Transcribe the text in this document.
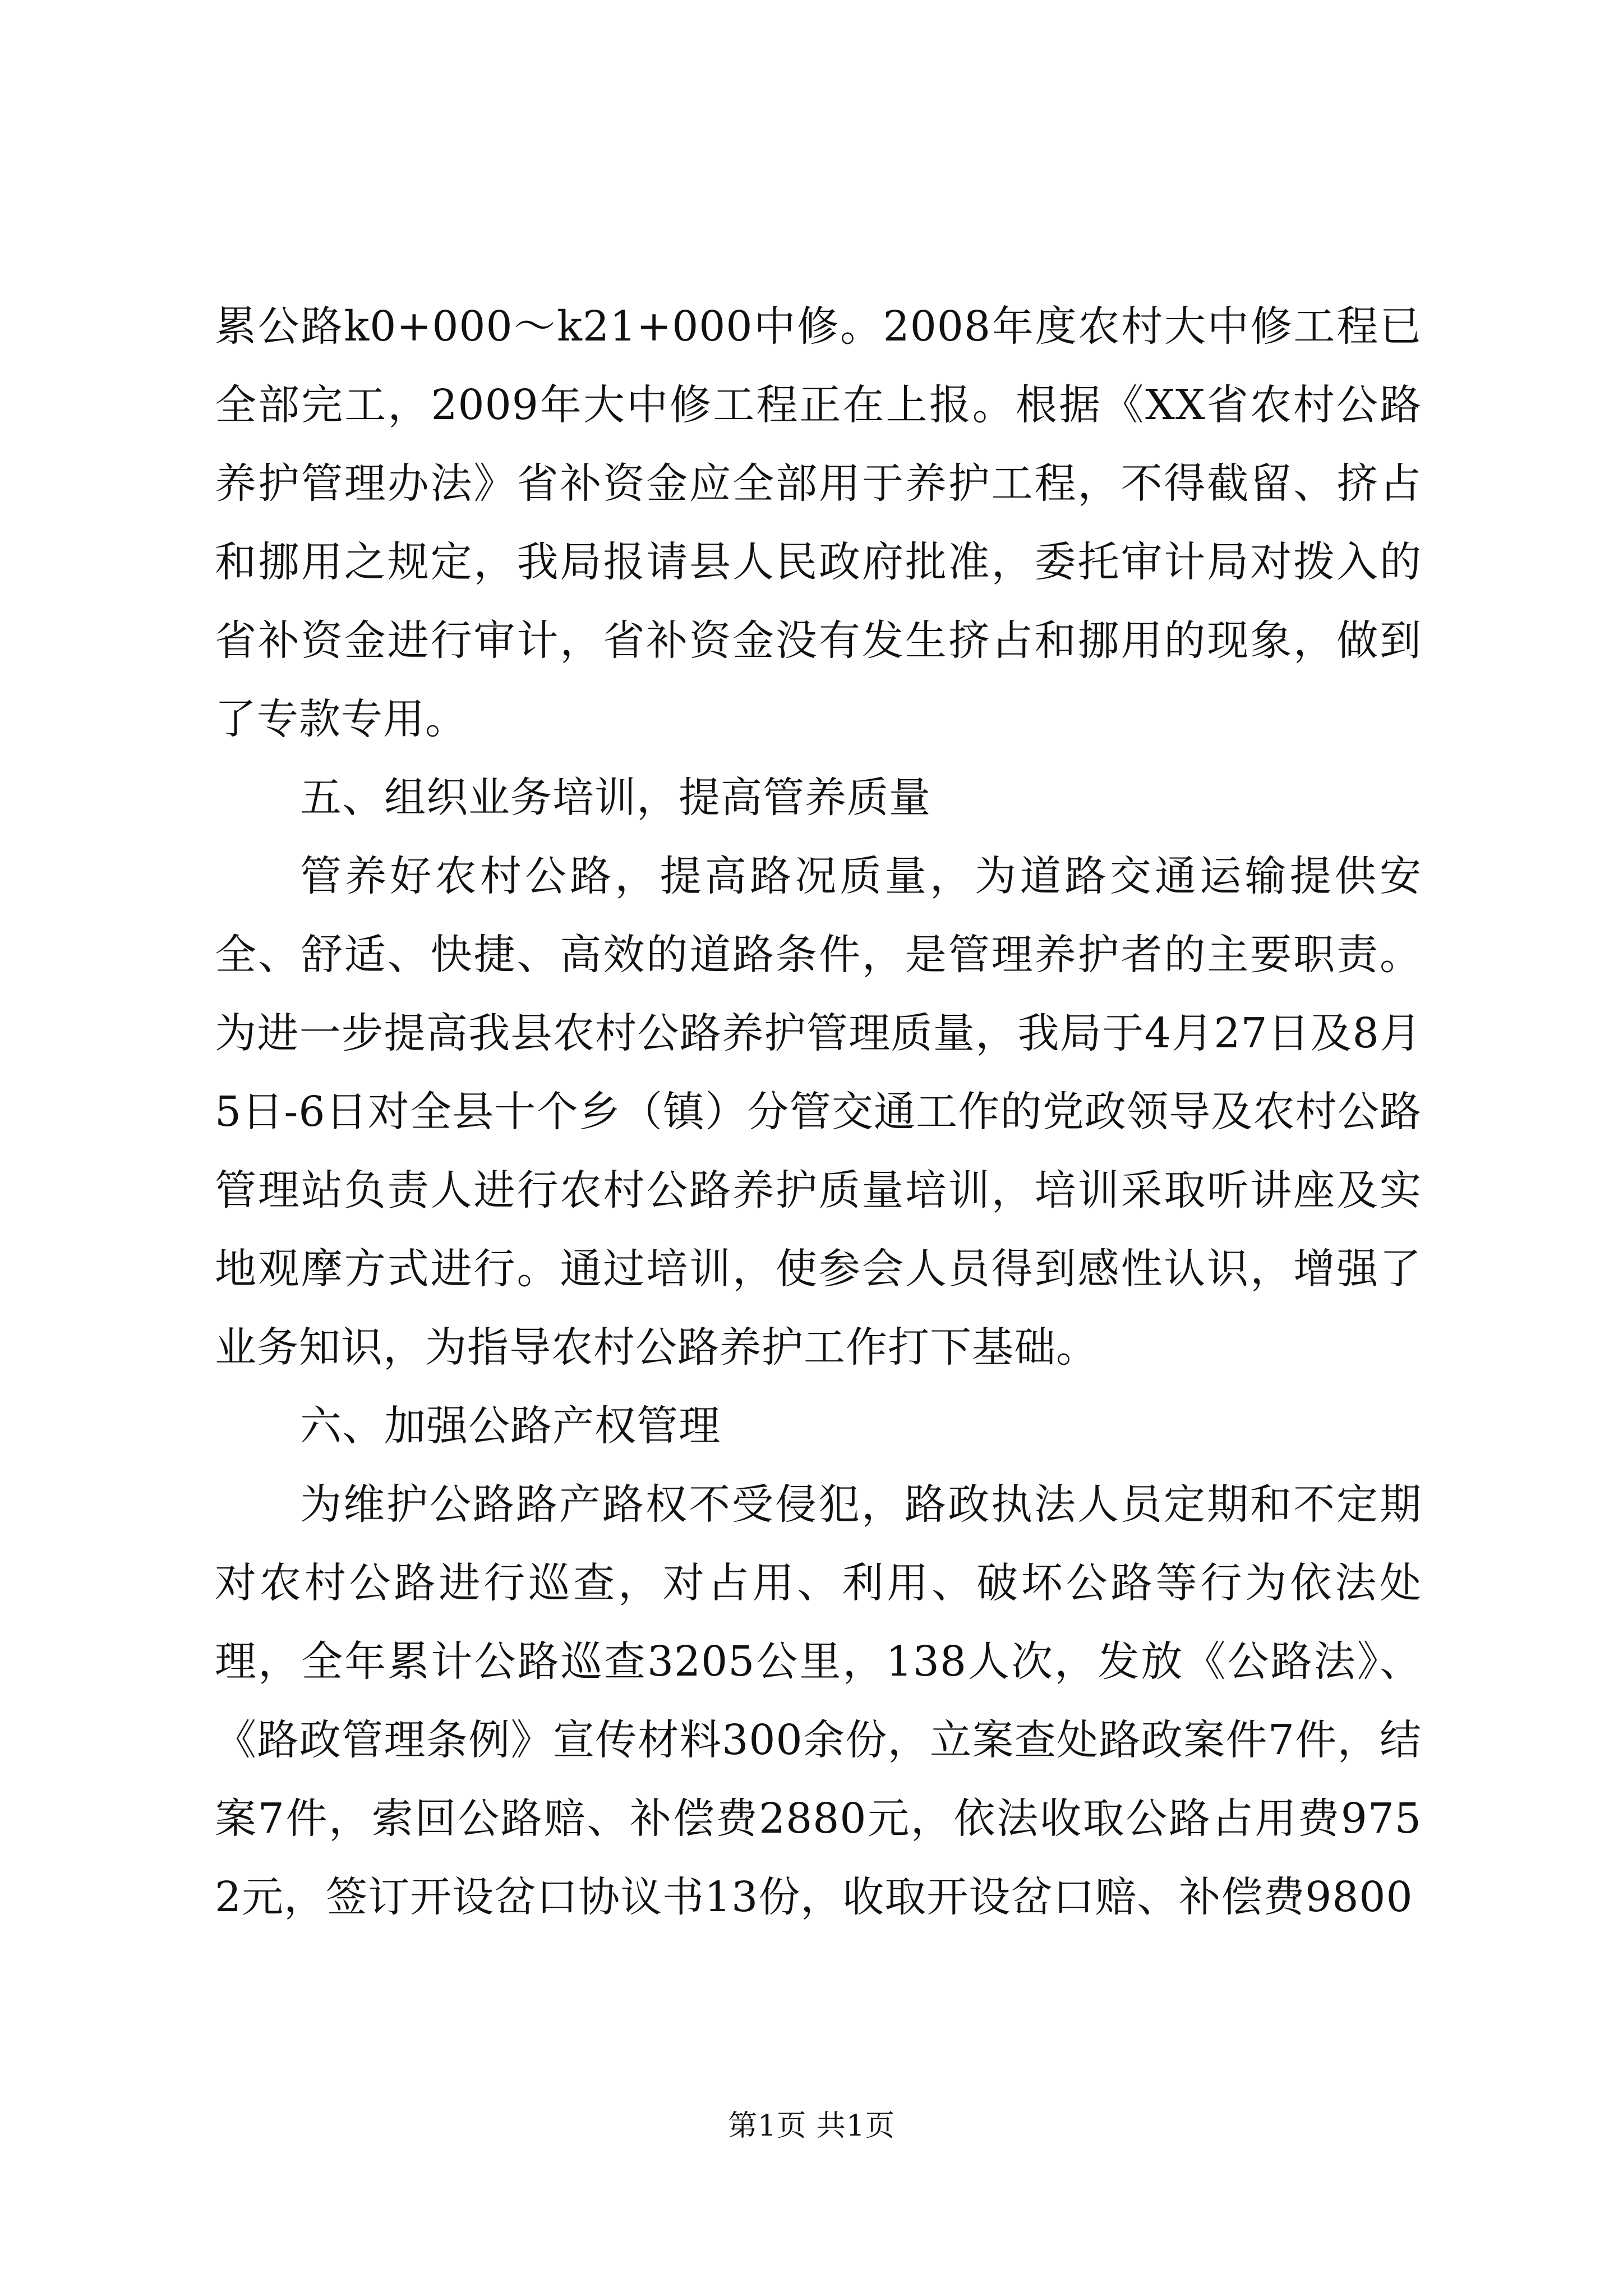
累公路k0+000～k21+000中修。2008年度农村大中修工程已全部完工，2009年大中修工程正在上报。根据《XX省农村公路养护管理办法》省补资金应全部用于养护工程，不得截留、挤占和挪用之规定，我局报请县人民政府批准，委托审计局对拨入的省补资金进行审计，省补资金没有发生挤占和挪用的现象，做到了专款专用。

五、组织业务培训，提高管养质量

管养好农村公路，提高路况质量，为道路交通运输提供安全、舒适、快捷、高效的道路条件，是管理养护者的主要职责。为进一步提高我县农村公路养护管理质量，我局于4月27日及8月5日-6日对全县十个乡（镇）分管交通工作的党政领导及农村公路管理站负责人进行农村公路养护质量培训，培训采取听讲座及实地观摩方式进行。通过培训，使参会人员得到感性认识，增强了业务知识，为指导农村公路养护工作打下基础。

六、加强公路产权管理

为维护公路路产路权不受侵犯，路政执法人员定期和不定期对农村公路进行巡查，对占用、利用、破坏公路等行为依法处理，全年累计公路巡查3205公里，138人次，发放《公路法》、《路政管理条例》宣传材料300余份，立案查处路政案件7件，结案7件，索回公路赔、补偿费2880元，依法收取公路占用费9752元，签订开设岔口协议书13份，收取开设岔口赔、补偿费9800

第1页 共1页
